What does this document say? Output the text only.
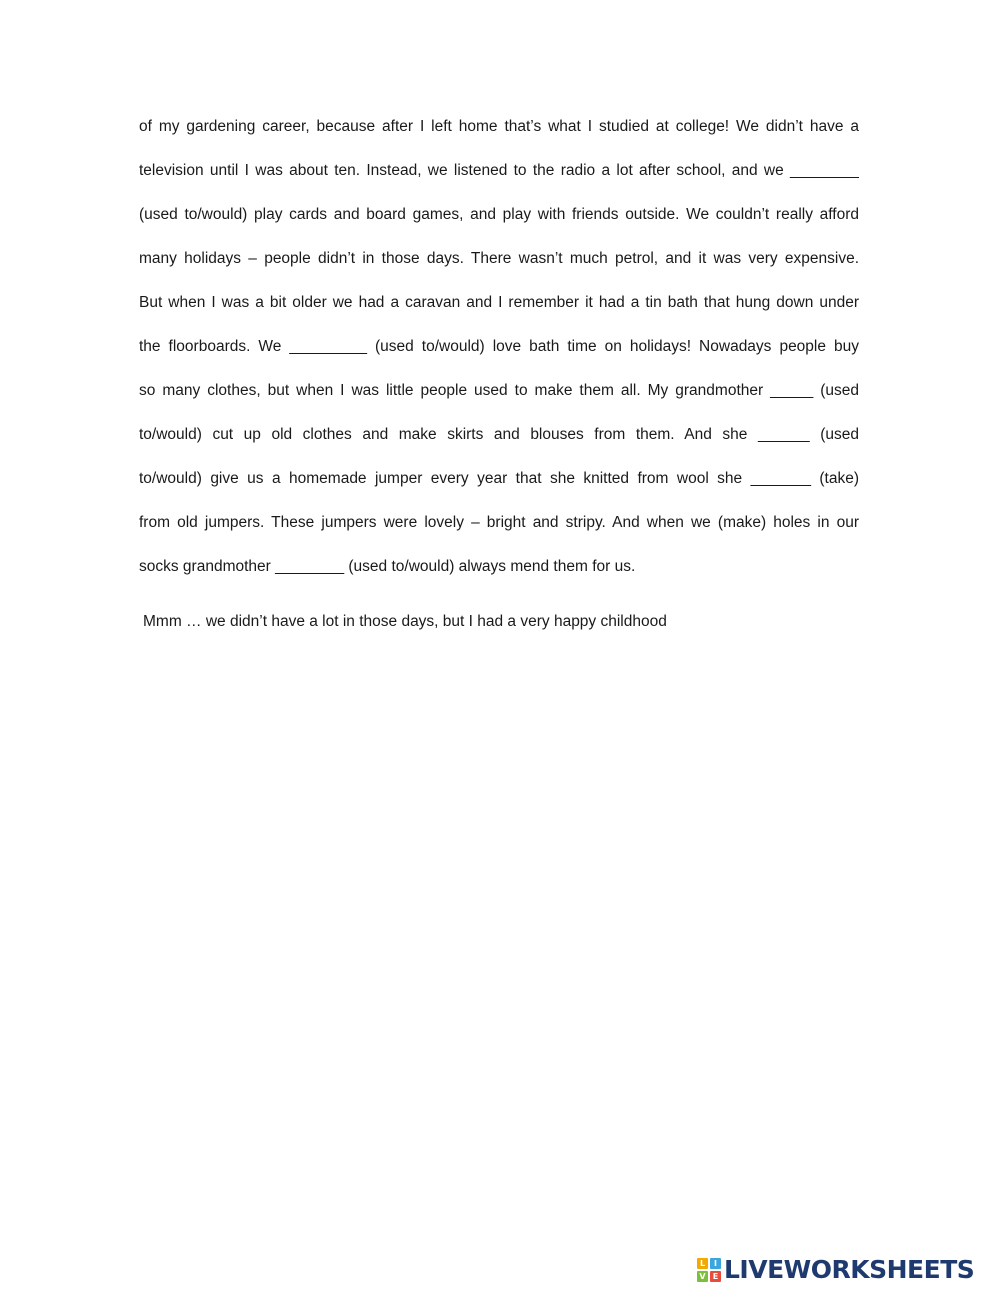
of my gardening career, because after I left home that’s what I studied at college! We didn’t have a
television until I was about ten. Instead, we listened to the radio a lot after school, and we ________
(used to/would) play cards and board games, and play with friends outside. We couldn’t really afford
many holidays – people didn’t in those days. There wasn’t much petrol, and it was very expensive.
But when I was a bit older we had a caravan and I remember it had a tin bath that hung down under
the floorboards. We _________ (used to/would) love bath time on holidays! Nowadays people buy
so many clothes, but when I was little people used to make them all. My grandmother _____ (used
to/would) cut up old clothes and make skirts and blouses from them. And she ______ (used
to/would) give us a homemade jumper every year that she knitted from wool she _______ (take)
from old jumpers. These jumpers were lovely – bright and stripy. And when we (make) holes in our
socks grandmother ________ (used to/would) always mend them for us.
Mmm … we didn’t have a lot in those days, but I had a very happy childhood
L	I
V E LIVEWORKSHEETS
